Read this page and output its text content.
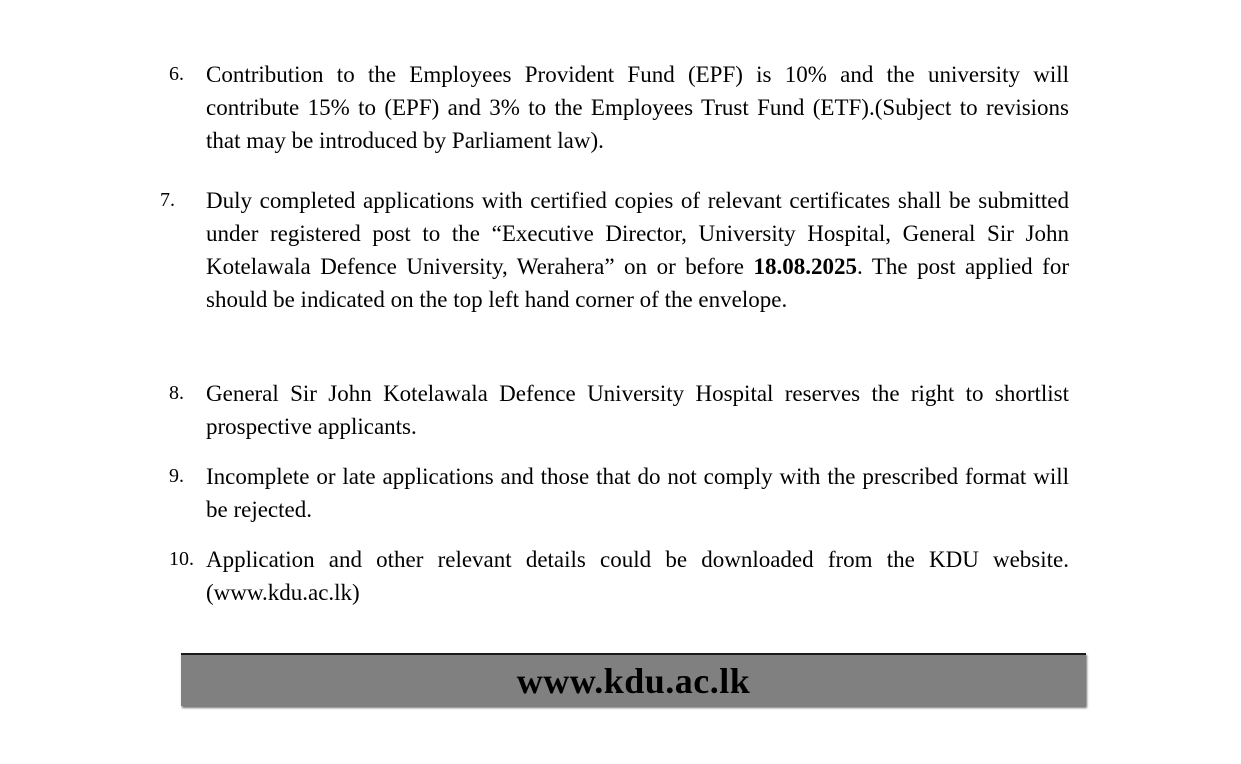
6. Contribution to the Employees Provident Fund (EPF) is 10% and the university will contribute 15% to (EPF) and 3% to the Employees Trust Fund (ETF).(Subject to revisions that may be introduced by Parliament law).
7.	Duly completed applications with certified copies of relevant certificates shall be submitted under registered post to the “Executive Director, University Hospital, General Sir John Kotelawala Defence University, Werahera” on or before 18.08.2025. The post applied for should be indicated on the top left hand corner of the envelope.
8. General Sir John Kotelawala Defence University Hospital reserves the right to shortlist prospective applicants.
9. Incomplete or late applications and those that do not comply with the prescribed format will be rejected.
10. Application and other relevant details could be downloaded from the KDU website. (www.kdu.ac.lk)
www.kdu.ac.lk
